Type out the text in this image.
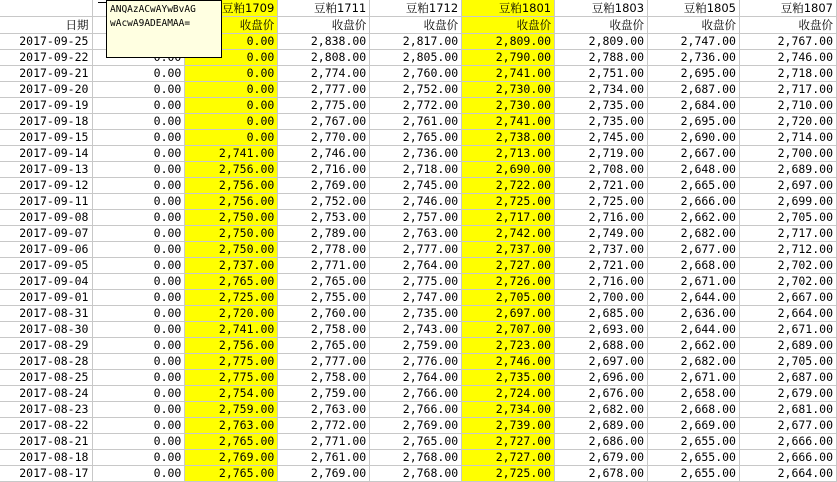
		豆粕1709	豆粕1711	豆粕1712	豆粕1801	豆粕1803	豆粕1805	豆粕1807
日期		收盘价	收盘价	收盘价	收盘价	收盘价	收盘价	收盘价
2017-09-25		0.00	2,838.00	2,817.00	2,809.00	2,809.00	2,747.00	2,767.00
2017-09-22		0.00	2,808.00	2,805.00	2,790.00	2,788.00	2,736.00	2,746.00
2017-09-21	0.00	0.00	2,774.00	2,760.00	2,741.00	2,751.00	2,695.00	2,718.00
2017-09-20	0.00	0.00	2,777.00	2,752.00	2,730.00	2,734.00	2,687.00	2,717.00
2017-09-19	0.00	0.00	2,775.00	2,772.00	2,730.00	2,735.00	2,684.00	2,710.00
2017-09-18	0.00	0.00	2,767.00	2,761.00	2,741.00	2,735.00	2,695.00	2,720.00
2017-09-15	0.00	0.00	2,770.00	2,765.00	2,738.00	2,745.00	2,690.00	2,714.00
2017-09-14	0.00	2,741.00	2,746.00	2,736.00	2,713.00	2,719.00	2,667.00	2,700.00
2017-09-13	0.00	2,756.00	2,716.00	2,718.00	2,690.00	2,708.00	2,648.00	2,689.00
2017-09-12	0.00	2,756.00	2,769.00	2,745.00	2,722.00	2,721.00	2,665.00	2,697.00
2017-09-11	0.00	2,756.00	2,752.00	2,746.00	2,725.00	2,725.00	2,666.00	2,699.00
2017-09-08	0.00	2,750.00	2,753.00	2,757.00	2,717.00	2,716.00	2,662.00	2,705.00
2017-09-07	0.00	2,750.00	2,789.00	2,763.00	2,742.00	2,749.00	2,682.00	2,717.00
2017-09-06	0.00	2,750.00	2,778.00	2,777.00	2,737.00	2,737.00	2,677.00	2,712.00
2017-09-05	0.00	2,737.00	2,771.00	2,764.00	2,727.00	2,721.00	2,668.00	2,702.00
2017-09-04	0.00	2,765.00	2,765.00	2,775.00	2,726.00	2,716.00	2,671.00	2,702.00
2017-09-01	0.00	2,725.00	2,755.00	2,747.00	2,705.00	2,700.00	2,644.00	2,667.00
2017-08-31	0.00	2,720.00	2,760.00	2,735.00	2,697.00	2,685.00	2,636.00	2,664.00
2017-08-30	0.00	2,741.00	2,758.00	2,743.00	2,707.00	2,693.00	2,644.00	2,671.00
2017-08-29	0.00	2,756.00	2,765.00	2,759.00	2,723.00	2,688.00	2,662.00	2,689.00
2017-08-28	0.00	2,775.00	2,777.00	2,776.00	2,746.00	2,697.00	2,682.00	2,705.00
2017-08-25	0.00	2,775.00	2,758.00	2,764.00	2,735.00	2,696.00	2,671.00	2,687.00
2017-08-24	0.00	2,754.00	2,759.00	2,766.00	2,724.00	2,676.00	2,658.00	2,679.00
2017-08-23	0.00	2,759.00	2,763.00	2,766.00	2,734.00	2,682.00	2,668.00	2,681.00
2017-08-22	0.00	2,763.00	2,772.00	2,769.00	2,739.00	2,689.00	2,669.00	2,677.00
2017-08-21	0.00	2,765.00	2,771.00	2,765.00	2,727.00	2,686.00	2,655.00	2,666.00
2017-08-18	0.00	2,769.00	2,761.00	2,768.00	2,727.00	2,679.00	2,655.00	2,666.00
2017-08-17	0.00	2,765.00	2,769.00	2,768.00	2,725.00	2,678.00	2,655.00	2,664.00
ANQAzACwAYwBvAG
wAcwA9ADEAMAA=
